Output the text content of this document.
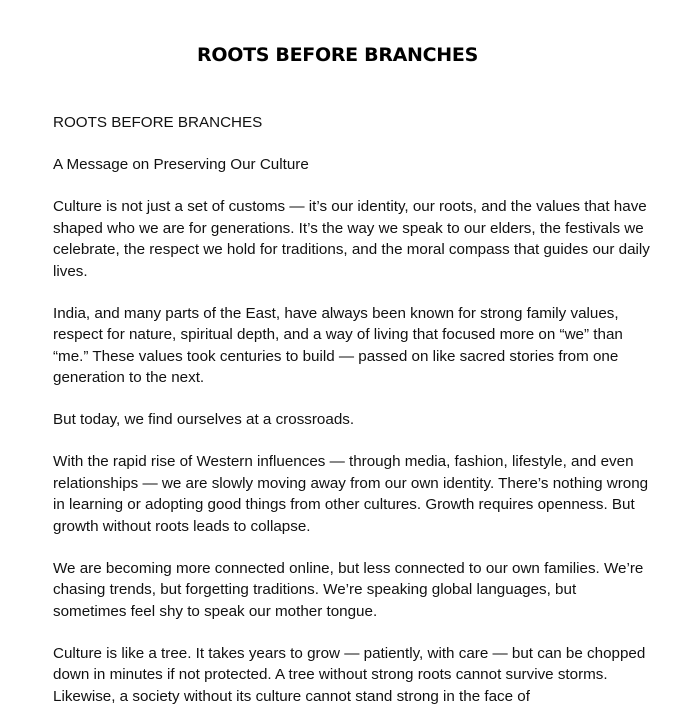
ROOTS BEFORE BRANCHES

ROOTS BEFORE BRANCHES

A Message on Preserving Our Culture

Culture is not just a set of customs — it’s our identity, our roots, and the values that have shaped who we are for generations. It’s the way we speak to our elders, the festivals we celebrate, the respect we hold for traditions, and the moral compass that guides our daily lives.

India, and many parts of the East, have always been known for strong family values, respect for nature, spiritual depth, and a way of living that focused more on “we” than “me.” These values took centuries to build — passed on like sacred stories from one generation to the next.

But today, we find ourselves at a crossroads.

With the rapid rise of Western influences — through media, fashion, lifestyle, and even relationships — we are slowly moving away from our own identity. There’s nothing wrong in learning or adopting good things from other cultures. Growth requires openness. But growth without roots leads to collapse.

We are becoming more connected online, but less connected to our own families. We’re chasing trends, but forgetting traditions. We’re speaking global languages, but sometimes feel shy to speak our mother tongue.

Culture is like a tree. It takes years to grow — patiently, with care — but can be chopped down in minutes if not protected. A tree without strong roots cannot survive storms. Likewise, a society without its culture cannot stand strong in the face of
